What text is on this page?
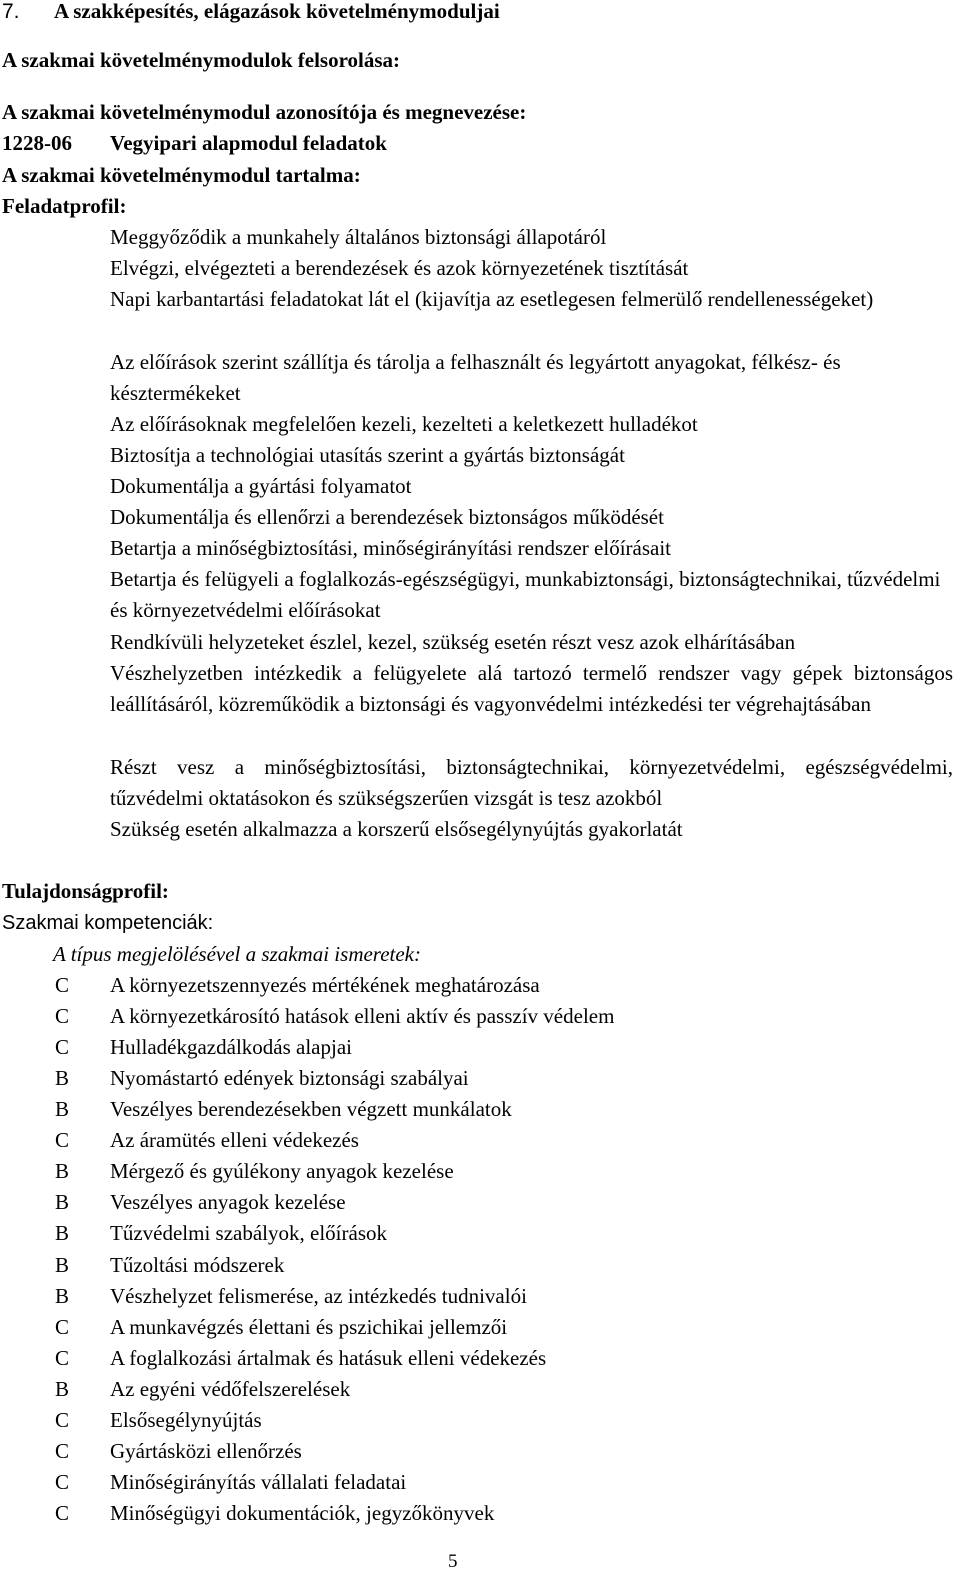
7. A szakképesítés, elágazások követelménymoduljai
A szakmai követelménymodulok felsorolása:
A szakmai követelménymodul azonosítója és megnevezése:
1228-06 Vegyipari alapmodul feladatok
A szakmai követelménymodul tartalma:
Feladatprofil:
Meggyőződik a munkahely általános biztonsági állapotáról
Elvégzi, elvégezteti a berendezések és azok környezetének tisztítását
Napi karbantartási feladatokat lát el (kijavítja az esetlegesen felmerülő rendellenességeket)
Az előírások szerint szállítja és tárolja a felhasznált és legyártott anyagokat, félkész- és késztermékeket
Az előírásoknak megfelelően kezeli, kezelteti a keletkezett hulladékot
Biztosítja a technológiai utasítás szerint a gyártás biztonságát
Dokumentálja a gyártási folyamatot
Dokumentálja és ellenőrzi a berendezések biztonságos működését
Betartja a minőségbiztosítási, minőségirányítási rendszer előírásait
Betartja és felügyeli a foglalkozás-egészségügyi, munkabiztonsági, biztonságtechnikai, tűzvédelmi és környezetvédelmi előírásokat
Rendkívüli helyzeteket észlel, kezel, szükség esetén részt vesz azok elhárításában
Vészhelyzetben intézkedik a felügyelete alá tartozó termelő rendszer vagy gépek biztonságos leállításáról, közreműködik a biztonsági és vagyonvédelmi intézkedési ter végrehajtásában
Részt vesz a minőségbiztosítási, biztonságtechnikai, környezetvédelmi, egészségvédelmi, tűzvédelmi oktatásokon és szükségszerűen vizsgát is tesz azokból
Szükség esetén alkalmazza a korszerű elsősegélynyújtás gyakorlatát
Tulajdonságprofil:
Szakmai kompetenciák:
A típus megjelölésével a szakmai ismeretek:
C	A környezetszennyezés mértékének meghatározása
C	A környezetkárosító hatások elleni aktív és passzív védelem
C	Hulladékgazdálkodás alapjai
B	Nyomástartó edények biztonsági szabályai
B	Veszélyes berendezésekben végzett munkálatok
C	Az áramütés elleni védekezés
B	Mérgező és gyúlékony anyagok kezelése
B	Veszélyes anyagok kezelése
B	Tűzvédelmi szabályok, előírások
B	Tűzoltási módszerek
B	Vészhelyzet felismerése, az intézkedés tudnivalói
C	A munkavégzés élettani és pszichikai jellemzői
C	A foglalkozási ártalmak és hatásuk elleni védekezés
B	Az egyéni védőfelszerelések
C	Elsősegélynyújtás
C	Gyártásközi ellenőrzés
C	Minőségirányítás vállalati feladatai
C	Minőségügyi dokumentációk, jegyzőkönyvek
5
